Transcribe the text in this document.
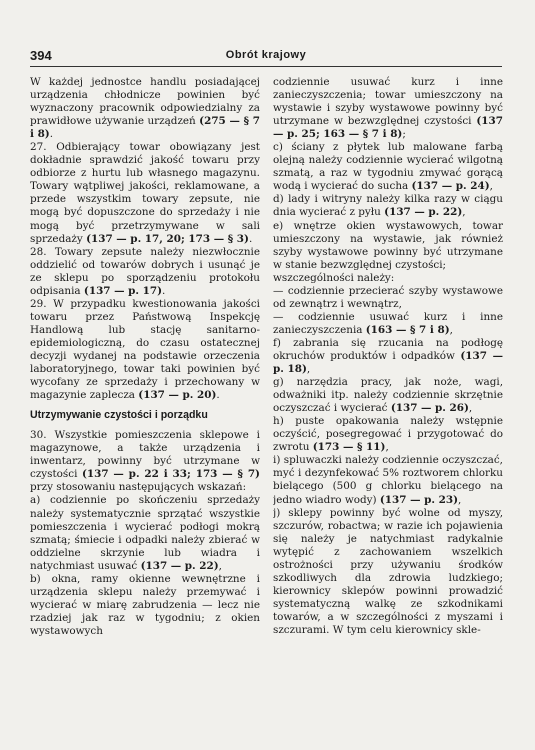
394	Obrót krajowy

W każdej jednostce handlu posiadającej urządzenia chłodnicze powinien być wyznaczony pracownik odpowiedzialny za prawidłowe używanie urządzeń (275 — § 7 i 8).

27. Odbierający towar obowiązany jest dokładnie sprawdzić jakość towaru przy odbiorze z hurtu lub własnego magazynu. Towary wątpliwej jakości, reklamowane, a przede wszystkim towary zepsute, nie mogą być dopuszczone do sprzedaży i nie mogą być przetrzymywane w sali sprzedaży (137 — p. 17, 20; 173 — § 3).

28. Towary zepsute należy niezwłocznie oddzielić od towarów dobrych i usunąć je ze sklepu po sporządzeniu protokołu odpisania (137 — p. 17).

29. W przypadku kwestionowania jakości towaru przez Państwową Inspekcję Handlową lub stację sanitarno-epidemiologiczną, do czasu ostatecznej decyzji wydanej na podstawie orzeczenia laboratoryjnego, towar taki powinien być wycofany ze sprzedaży i przechowany w magazynie zaplecza (137 — p. 20).

Utrzymywanie czystości i porządku

30. Wszystkie pomieszczenia sklepowe i magazynowe, a także urządzenia i inwentarz, powinny być utrzymane w czystości (137 — p. 22 i 33; 173 — § 7) przy stosowaniu następujących wskazań:

a) codziennie po skończeniu sprzedaży należy systematycznie sprzątać wszystkie pomieszczenia i wycierać podłogi mokrą szmatą; śmiecie i odpadki należy zbierać w oddzielne skrzynie lub wiadra i natychmiast usuwać (137 — p. 22),

b) okna, ramy okienne wewnętrzne i urządzenia sklepu należy przemywać i wycierać w miarę zabrudzenia — lecz nie rzadziej jak raz w tygodniu; z okien wystawowych

codziennie usuwać kurz i inne zanieczyszczenia; towar umieszczony na wystawie i szyby wystawowe powinny być utrzymane w bezwzględnej czystości (137 — p. 25; 163 — § 7 i 8);

c) ściany z płytek lub malowane farbą olejną należy codziennie wycierać wilgotną szmatą, a raz w tygodniu zmywać gorącą wodą i wycierać do sucha (137 — p. 24),

d) lady i witryny należy kilka razy w ciągu dnia wycierać z pyłu (137 — p. 22),

e) wnętrze okien wystawowych, towar umieszczony na wystawie, jak również szyby wystawowe powinny być utrzymane w stanie bezwzględnej czystości;

wszczególności należy:

— codziennie przecierać szyby wystawowe od zewnątrz i wewnątrz,

— codziennie usuwać kurz i inne zanieczyszczenia (163 — § 7 i 8),

f) zabrania się rzucania na podłogę okruchów produktów i odpadków (137 — p. 18),

g) narzędzia pracy, jak noże, wagi, odważniki itp. należy codziennie skrzętnie oczyszczać i wycierać (137 — p. 26),

h) puste opakowania należy wstępnie oczyścić, posegregować i przygotować do zwrotu (173 — § 11),

i) spluwaczki należy codziennie oczyszczać, myć i dezynfekować 5% roztworem chlorku bielącego (500 g chlorku bielącego na jedno wiadro wody) (137 — p. 23),

j) sklepy powinny być wolne od myszy, szczurów, robactwa; w razie ich pojawienia się należy je natychmiast radykalnie wytępić z zachowaniem wszelkich ostrożności przy używaniu środków szkodliwych dla zdrowia ludzkiego; kierownicy sklepów powinni prowadzić systematyczną walkę ze szkodnikami towarów, a w szczególności z myszami i szczurami. W tym celu kierownicy skle-
